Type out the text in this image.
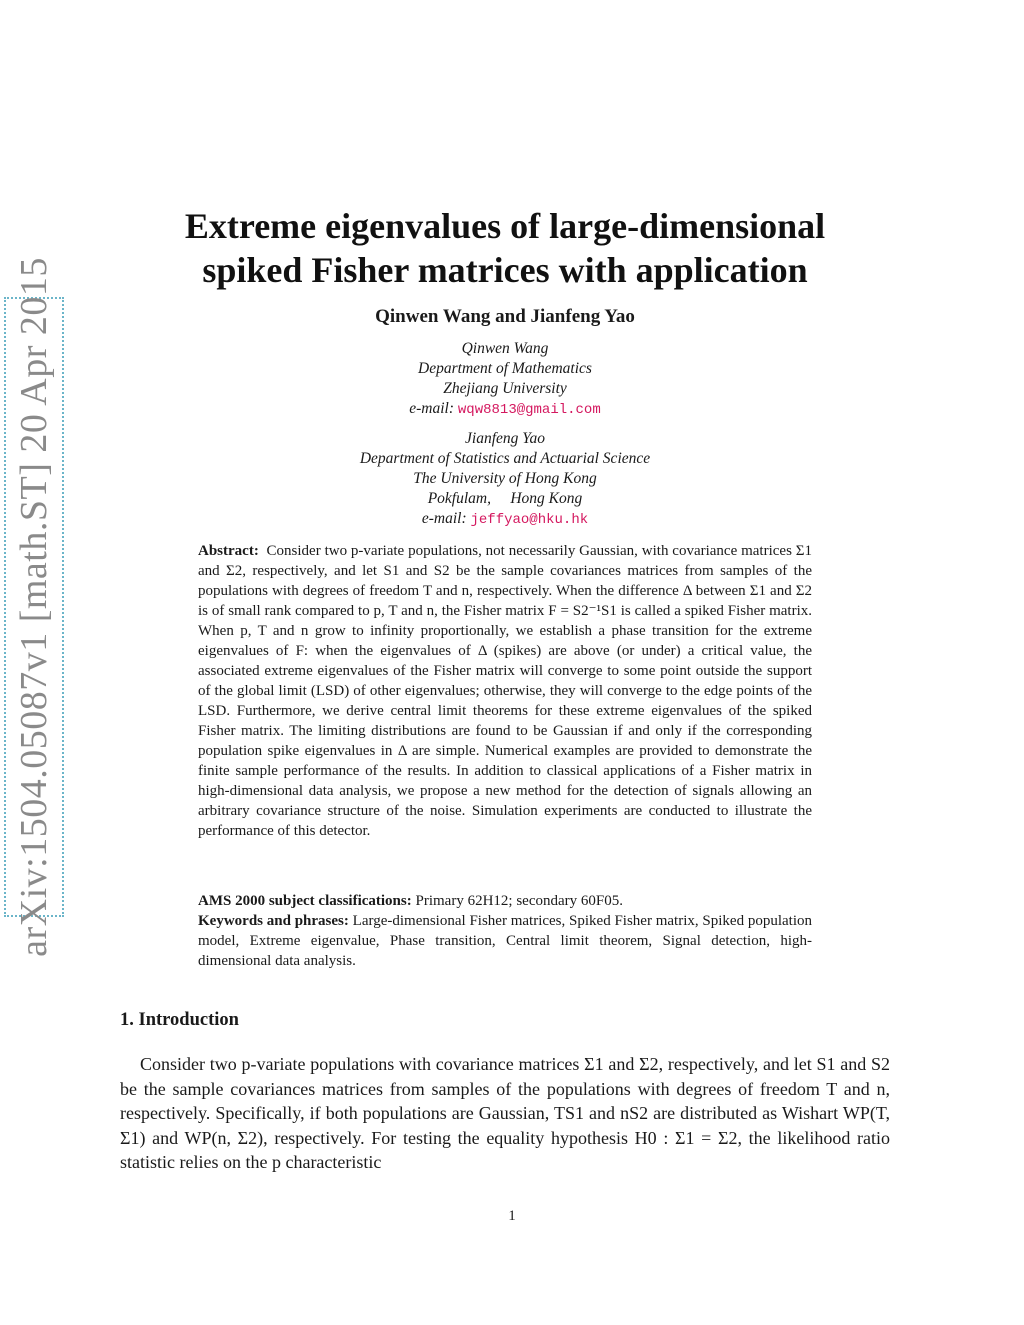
arXiv:1504.05087v1 [math.ST] 20 Apr 2015
Extreme eigenvalues of large-dimensional
spiked Fisher matrices with application
Qinwen Wang and Jianfeng Yao
Qinwen Wang
Department of Mathematics
Zhejiang University
e-mail: wqw8813@gmail.com
Jianfeng Yao
Department of Statistics and Actuarial Science
The University of Hong Kong
Pokfulam, Hong Kong
e-mail: jeffyao@hku.hk
Abstract: Consider two p-variate populations, not necessarily Gaussian, with covariance matrices Σ1 and Σ2, respectively, and let S1 and S2 be the sample covariances matrices from samples of the populations with degrees of freedom T and n, respectively. When the difference Δ between Σ1 and Σ2 is of small rank compared to p, T and n, the Fisher matrix F = S2⁻¹S1 is called a spiked Fisher matrix. When p, T and n grow to infinity proportionally, we establish a phase transition for the extreme eigenvalues of F: when the eigenvalues of Δ (spikes) are above (or under) a critical value, the associated extreme eigenvalues of the Fisher matrix will converge to some point outside the support of the global limit (LSD) of other eigenvalues; otherwise, they will converge to the edge points of the LSD. Furthermore, we derive central limit theorems for these extreme eigenvalues of the spiked Fisher matrix. The limiting distributions are found to be Gaussian if and only if the corresponding population spike eigenvalues in Δ are simple. Numerical examples are provided to demonstrate the finite sample performance of the results. In addition to classical applications of a Fisher matrix in high-dimensional data analysis, we propose a new method for the detection of signals allowing an arbitrary covariance structure of the noise. Simulation experiments are conducted to illustrate the performance of this detector.

AMS 2000 subject classifications: Primary 62H12; secondary 60F05.

Keywords and phrases: Large-dimensional Fisher matrices, Spiked Fisher matrix, Spiked population model, Extreme eigenvalue, Phase transition, Central limit theorem, Signal detection, high-dimensional data analysis.

1. Introduction
Consider two p-variate populations with covariance matrices Σ1 and Σ2, respectively, and let S1 and S2 be the sample covariances matrices from samples of the populations with degrees of freedom T and n, respectively. Specifically, if both populations are Gaussian, TS1 and nS2 are distributed as Wishart WP(T, Σ1) and WP(n, Σ2), respectively. For testing the equality hypothesis H0 : Σ1 = Σ2, the likelihood ratio statistic relies on the p characteristic
1
